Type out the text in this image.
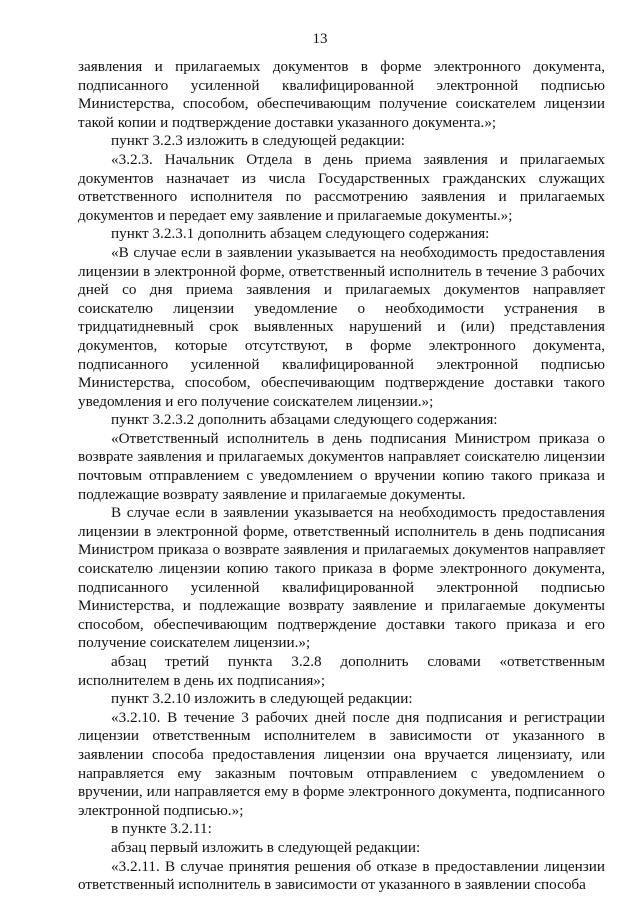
13

заявления и прилагаемых документов в форме электронного документа, подписанного усиленной квалифицированной электронной подписью Министерства, способом, обеспечивающим получение соискателем лицензии такой копии и подтверждение доставки указанного документа.»;

пункт 3.2.3 изложить в следующей редакции:

«3.2.3. Начальник Отдела в день приема заявления и прилагаемых документов назначает из числа Государственных гражданских служащих ответственного исполнителя по рассмотрению заявления и прилагаемых документов и передает ему заявление и прилагаемые документы.»;

пункт 3.2.3.1 дополнить абзацем следующего содержания:

«В случае если в заявлении указывается на необходимость предоставления лицензии в электронной форме, ответственный исполнитель в течение 3 рабочих дней со дня приема заявления и прилагаемых документов направляет соискателю лицензии уведомление о необходимости устранения в тридцатидневный срок выявленных нарушений и (или) представления документов, которые отсутствуют, в форме электронного документа, подписанного усиленной квалифицированной электронной подписью Министерства, способом, обеспечивающим подтверждение доставки такого уведомления и его получение соискателем лицензии.»;

пункт 3.2.3.2 дополнить абзацами следующего содержания:

«Ответственный исполнитель в день подписания Министром приказа о возврате заявления и прилагаемых документов направляет соискателю лицензии почтовым отправлением с уведомлением о вручении копию такого приказа и подлежащие возврату заявление и прилагаемые документы.

В случае если в заявлении указывается на необходимость предоставления лицензии в электронной форме, ответственный исполнитель в день подписания Министром приказа о возврате заявления и прилагаемых документов направляет соискателю лицензии копию такого приказа в форме электронного документа, подписанного усиленной квалифицированной электронной подписью Министерства, и подлежащие возврату заявление и прилагаемые документы способом, обеспечивающим подтверждение доставки такого приказа и его получение соискателем лицензии.»;

абзац третий пункта 3.2.8 дополнить словами «ответственным исполнителем в день их подписания»;

пункт 3.2.10 изложить в следующей редакции:

«3.2.10. В течение 3 рабочих дней после дня подписания и регистрации лицензии ответственным исполнителем в зависимости от указанного в заявлении способа предоставления лицензии она вручается лицензиату, или направляется ему заказным почтовым отправлением с уведомлением о вручении, или направляется ему в форме электронного документа, подписанного электронной подписью.»;

в пункте 3.2.11:

абзац первый изложить в следующей редакции:

«3.2.11. В случае принятия решения об отказе в предоставлении лицензии ответственный исполнитель в зависимости от указанного в заявлении способа
